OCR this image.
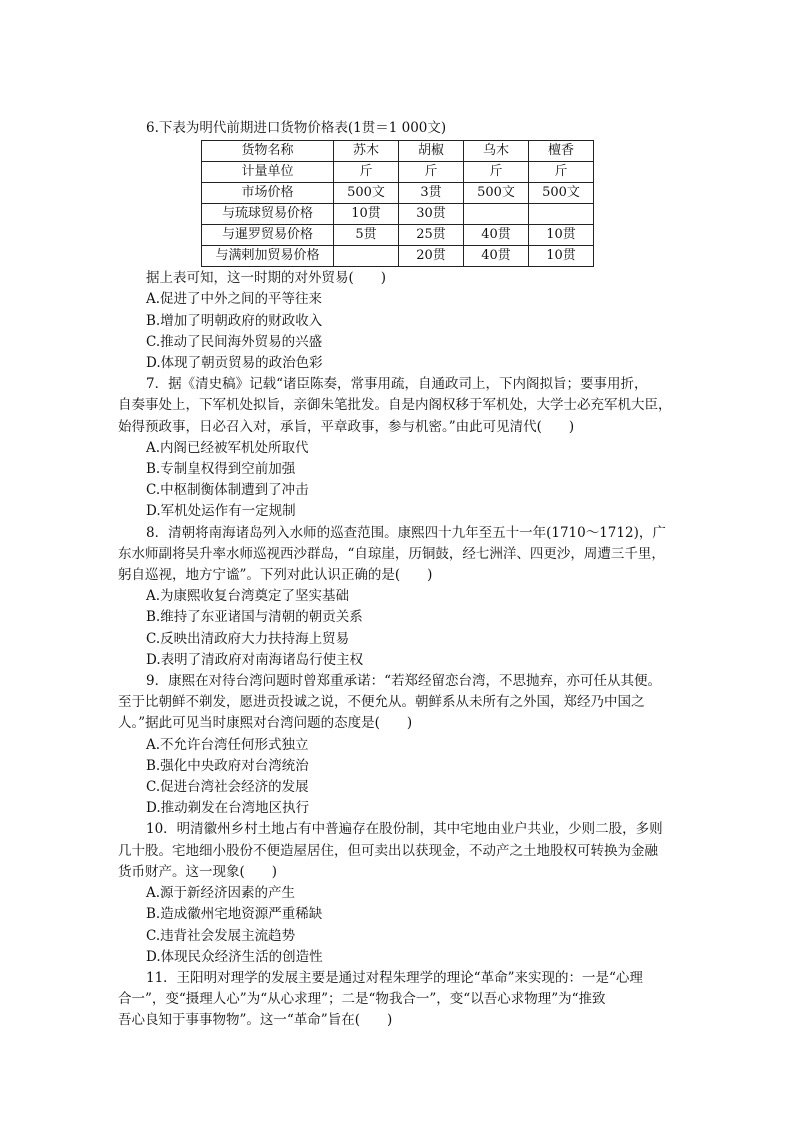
6.下表为明代前期进口货物价格表(1贯＝1 000文)
货物名称	苏木	胡椒	乌木	檀香
计量单位	斤	斤	斤	斤
市场价格	500文	3贯	500文	500文
与琉球贸易价格	10贯	30贯		
与暹罗贸易价格	5贯	25贯	40贯	10贯
与满剌加贸易价格		20贯	40贯	10贯
据上表可知，这一时期的对外贸易(　　)
A.促进了中外之间的平等往来
B.增加了明朝政府的财政收入
C.推动了民间海外贸易的兴盛
D.体现了朝贡贸易的政治色彩
7．据《清史稿》记载“诸臣陈奏，常事用疏，自通政司上，下内阁拟旨；要事用折，
自奏事处上，下军机处拟旨，亲御朱笔批发。自是内阁权移于军机处，大学士必充军机大臣，
始得预政事，日必召入对，承旨，平章政事，参与机密。”由此可见清代(　　)
A.内阁已经被军机处所取代
B.专制皇权得到空前加强
C.中枢制衡体制遭到了冲击
D.军机处运作有一定规制
8．清朝将南海诸岛列入水师的巡查范围。康熙四十九年至五十一年(1710～1712)，广
东水师副将吴升率水师巡视西沙群岛，“自琼崖，历铜鼓，经七洲洋、四更沙，周遭三千里，
躬自巡视，地方宁谧”。下列对此认识正确的是(　　)
A.为康熙收复台湾奠定了坚实基础
B.维持了东亚诸国与清朝的朝贡关系
C.反映出清政府大力扶持海上贸易
D.表明了清政府对南海诸岛行使主权
9．康熙在对待台湾问题时曾郑重承诺：“若郑经留恋台湾，不思抛弃，亦可任从其便。
至于比朝鲜不剃发，愿进贡投诚之说，不便允从。朝鲜系从未所有之外国，郑经乃中国之
人。”据此可见当时康熙对台湾问题的态度是(　　)
A.不允许台湾任何形式独立
B.强化中央政府对台湾统治
C.促进台湾社会经济的发展
D.推动剃发在台湾地区执行
10．明清徽州乡村土地占有中普遍存在股份制，其中宅地由业户共业，少则二股，多则
几十股。宅地细小股份不便造屋居住，但可卖出以获现金，不动产之土地股权可转换为金融
货币财产。这一现象(　　)
A.源于新经济因素的产生
B.造成徽州宅地资源严重稀缺
C.违背社会发展主流趋势
D.体现民众经济生活的创造性
11．王阳明对理学的发展主要是通过对程朱理学的理论“革命”来实现的：一是“心理
合一”，变“摄理人心”为“从心求理”；二是“物我合一”，变“以吾心求物理”为“推致
吾心良知于事事物物”。这一“革命”旨在(　　)
